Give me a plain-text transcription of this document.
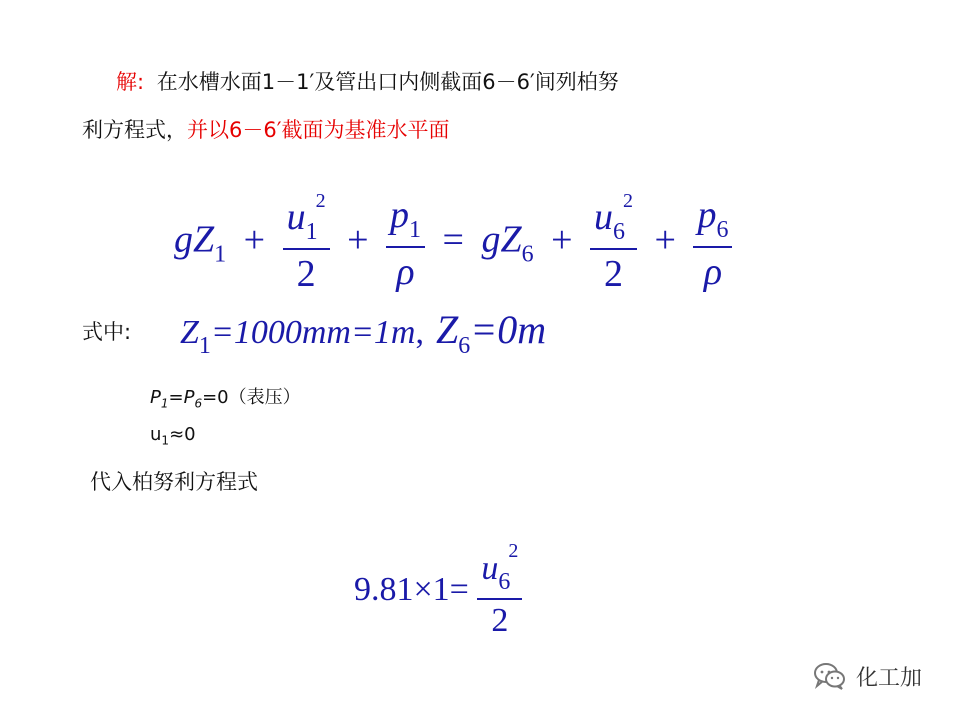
解: 在水槽水面1－1′及管出口内侧截面6－6′间列柏努
利方程式，并以6－6′截面为基准水平面
$gZ_1 + \frac{u_1^2}{2} + \frac{p_1}{\rho} = gZ_6 + \frac{u_6^2}{2} + \frac{p_6}{\rho}$
式中: $Z_1=1000mm=1m$, $Z_6=0m$
$P_1=P_6=0$（表压）
$u_1\approx 0$
代入柏努利方程式
$9.81\times 1= \frac{u_6^2}{2}$
化工加
